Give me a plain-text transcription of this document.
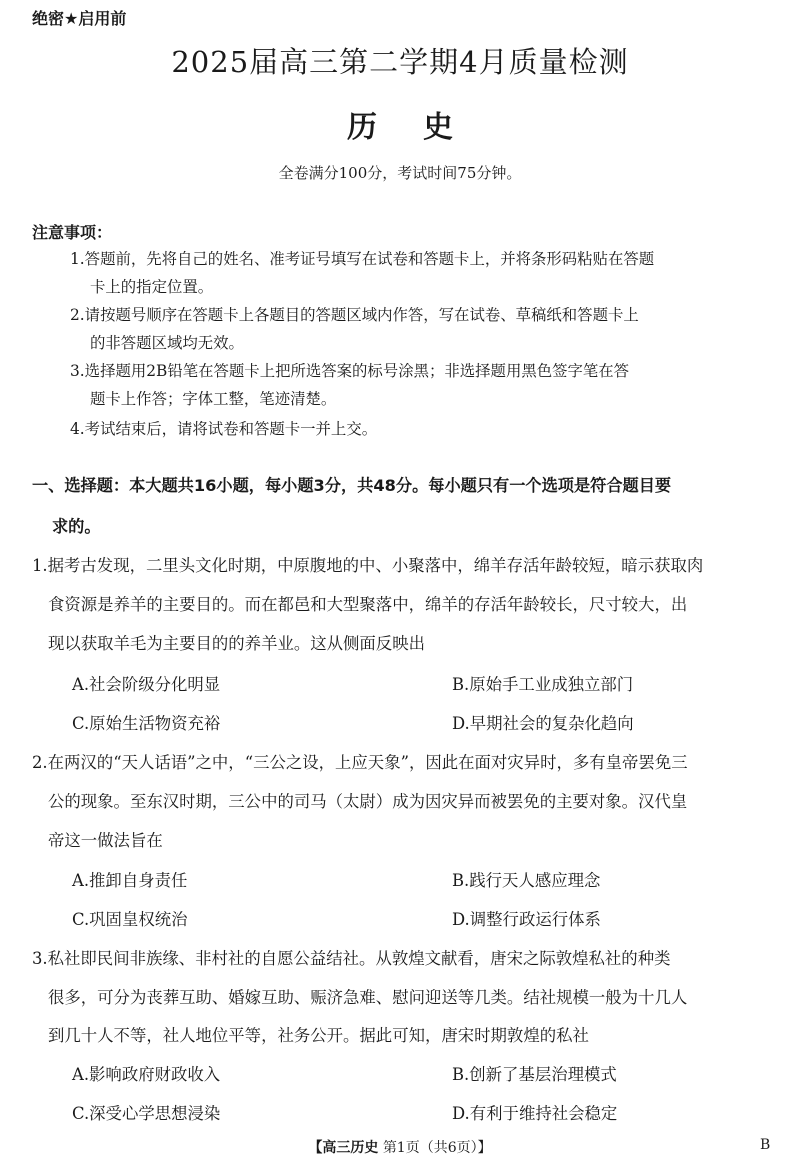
绝密★启用前
2025届高三第二学期4月质量检测
历史
全卷满分100分，考试时间75分钟。
注意事项：
1.答题前，先将自己的姓名、准考证号填写在试卷和答题卡上，并将条形码粘贴在答题
卡上的指定位置。
2.请按题号顺序在答题卡上各题目的答题区域内作答，写在试卷、草稿纸和答题卡上
的非答题区域均无效。
3.选择题用2B铅笔在答题卡上把所选答案的标号涂黑；非选择题用黑色签字笔在答
题卡上作答；字体工整，笔迹清楚。
4.考试结束后，请将试卷和答题卡一并上交。
一、选择题：本大题共16小题，每小题3分，共48分。每小题只有一个选项是符合题目要
求的。
1.据考古发现，二里头文化时期，中原腹地的中、小聚落中，绵羊存活年龄较短，暗示获取肉
食资源是养羊的主要目的。而在都邑和大型聚落中，绵羊的存活年龄较长，尺寸较大，出
现以获取羊毛为主要目的的养羊业。这从侧面反映出
A.社会阶级分化明显	B.原始手工业成独立部门
C.原始生活物资充裕	D.早期社会的复杂化趋向
2.在两汉的“天人话语”之中，“三公之设，上应天象”，因此在面对灾异时，多有皇帝罢免三
公的现象。至东汉时期，三公中的司马（太尉）成为因灾异而被罢免的主要对象。汉代皇
帝这一做法旨在
A.推卸自身责任	B.践行天人感应理念
C.巩固皇权统治	D.调整行政运行体系
3.私社即民间非族缘、非村社的自愿公益结社。从敦煌文献看，唐宋之际敦煌私社的种类
很多，可分为丧葬互助、婚嫁互助、赈济急难、慰问迎送等几类。结社规模一般为十几人
到几十人不等，社人地位平等，社务公开。据此可知，唐宋时期敦煌的私社
A.影响政府财政收入	B.创新了基层治理模式
C.深受心学思想浸染	D.有利于维持社会稳定
【高三历史 第1页（共6页）】	B
